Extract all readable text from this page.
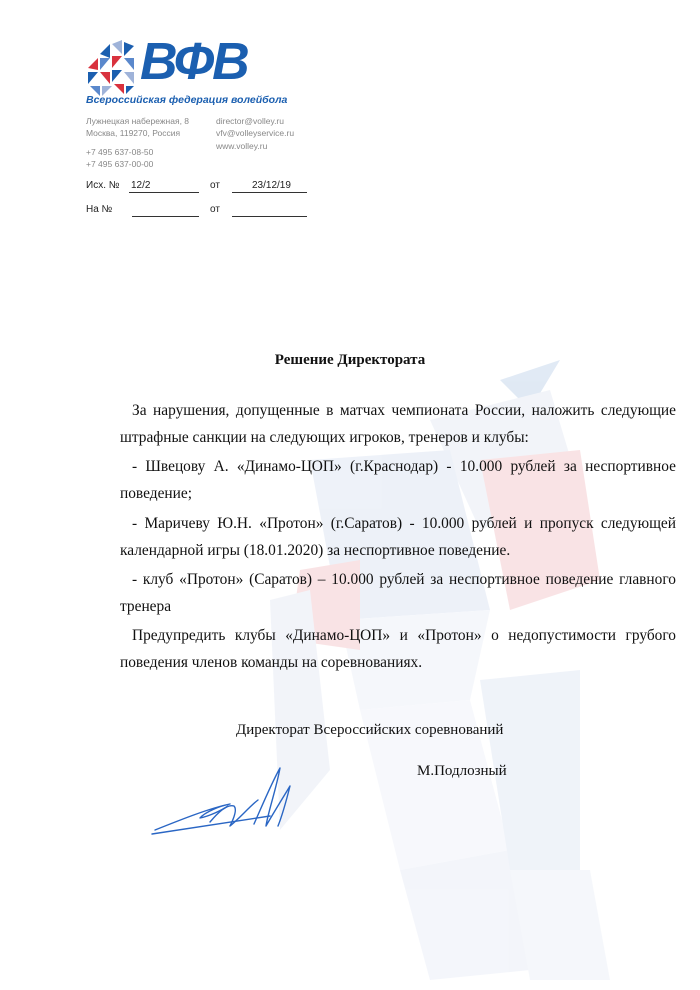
ВФВ
Всероссийская федерация волейбола
Лужнецкая набережная, 8
Москва, 119270, Россия
+7 495 637-08-50
+7 495 637-00-00
director@volley.ru
vfv@volleyservice.ru
www.volley.ru
Исх. № 12/2	от	23/12/19
На №	от
Решение Директората
За нарушения, допущенные в матчах чемпионата России, наложить следующие штрафные санкции на следующих игроков, тренеров и клубы:
- Швецову А. «Динамо-ЦОП» (г.Краснодар) - 10.000 рублей за неспортивное поведение;
- Маричеву Ю.Н. «Протон» (г.Саратов) - 10.000 рублей и пропуск следующей календарной игры (18.01.2020) за неспортивное поведение.
- клуб «Протон» (Саратов) – 10.000 рублей за неспортивное поведение главного тренера
Предупредить клубы «Динамо-ЦОП» и «Протон» о недопустимости грубого поведения членов команды на соревнованиях.
Директорат Всероссийских соревнований
М.Подлозный
